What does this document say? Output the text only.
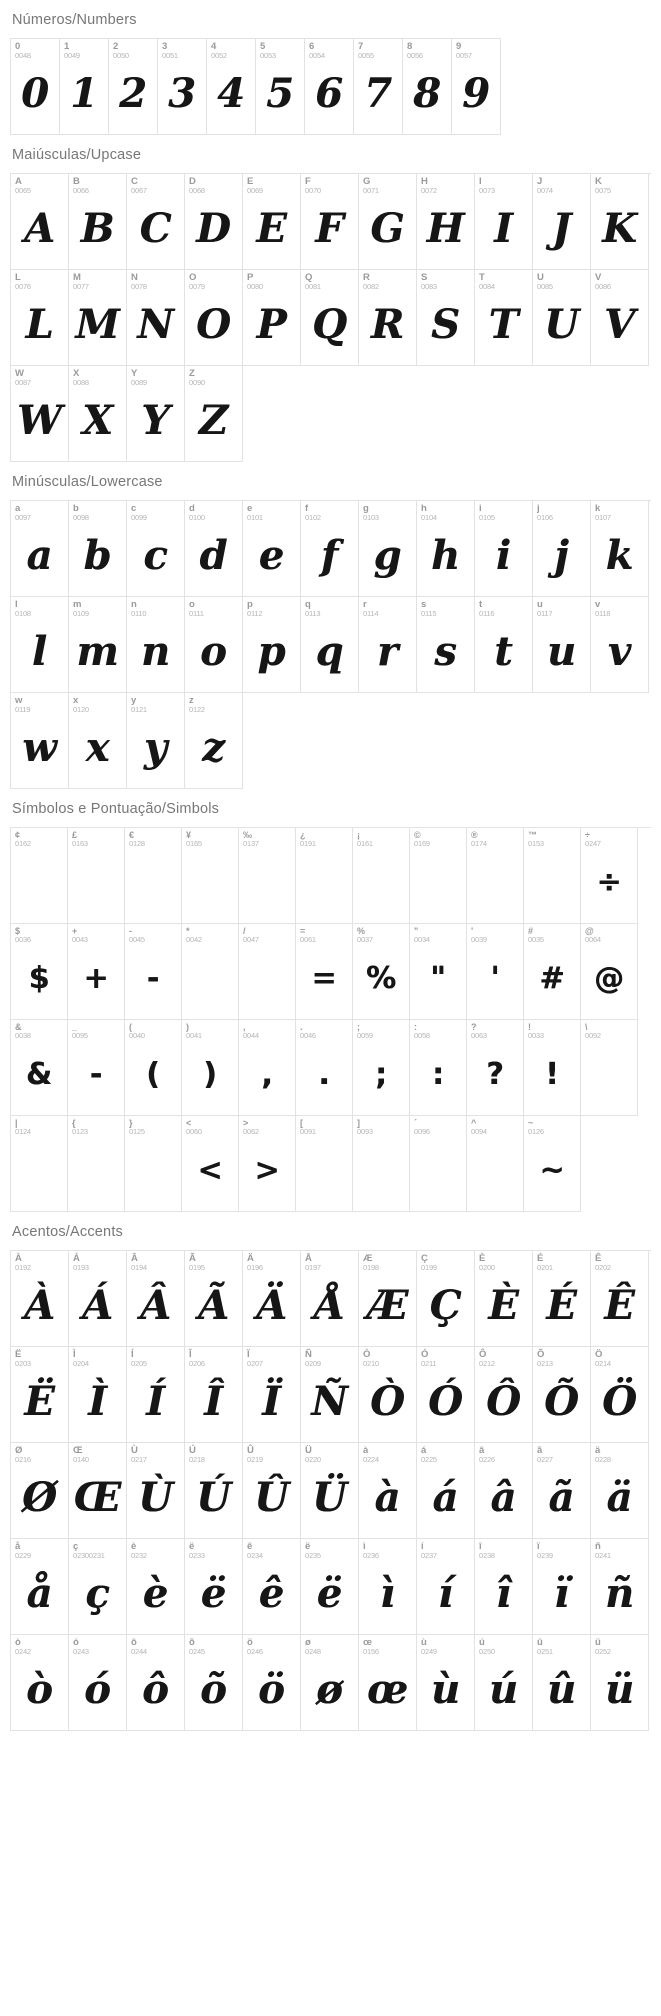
Números/Numbers
0
0048
0
1
0049
1
2
0050
2
3
0051
3
4
0052
4
5
0053
5
6
0054
6
7
0055
7
8
0056
8
9
0057
9
Maiúsculas/Upcase
A
0065
A
B
0066
B
C
0067
C
D
0068
D
E
0069
E
F
0070
F
G
0071
G
H
0072
H
I
0073
I
J
0074
J
K
0075
K
L
0076
L
M
0077
M
N
0078
N
O
0079
O
P
0080
P
Q
0081
Q
R
0082
R
S
0083
S
T
0084
T
U
0085
U
V
0086
V
W
0087
W
X
0088
X
Y
0089
Y
Z
0090
Z
Minúsculas/Lowercase
a
0097
a
b
0098
b
c
0099
c
d
0100
d
e
0101
e
f
0102
f
g
0103
g
h
0104
h
i
0105
i
j
0106
j
k
0107
k
l
0108
l
m
0109
m
n
0110
n
o
0111
o
p
0112
p
q
0113
q
r
0114
r
s
0115
s
t
0116
t
u
0117
u
v
0118
v
w
0119
w
x
0120
x
y
0121
y
z
0122
z
Símbolos e Pontuação/Simbols
¢
0162
£
0163
€
0128
¥
0165
‰
0137
¿
0191
¡
0161
©
0169
®
0174
™
0153
÷
0247
÷
$
0036
$
+
0043
+
-
0045
-
*
0042
/
0047
=
0061
=
%
0037
%
"
0034
"
'
0039
'
#
0035
#
@
0064
@
&
0038
&
_
0095
-
(
0040
(
)
0041
)
,
0044
,
.
0046
.
;
0059
;
:
0058
:
?
0063
?
!
0033
!
\
0092
|
0124
{
0123
}
0125
<
0060
<
>
0062
>
[
0091
]
0093
´
0096
^
0094
~
0126
~
Acentos/Accents
À
0192
À
Á
0193
Á
Â
0194
Â
Ã
0195
Ã
Ä
0196
Ä
Å
0197
Å
Æ
0198
Æ
Ç
0199
Ç
È
0200
È
É
0201
É
Ê
0202
Ê
Ë
0203
Ë
Ì
0204
Ì
Í
0205
Í
Î
0206
Î
Ï
0207
Ï
Ñ
0209
Ñ
Ò
0210
Ò
Ó
0211
Ó
Ô
0212
Ô
Õ
0213
Õ
Ö
0214
Ö
Ø
0216
Ø
Œ
0140
Œ
Ù
0217
Ù
Ú
0218
Ú
Û
0219
Û
Ü
0220
Ü
à
0224
à
á
0225
á
â
0226
â
ã
0227
ã
ä
0228
ä
å
0229
å
ç
02300231
ç
è
0232
è
ë
0233
ë
ê
0234
ê
ë
0235
ë
ì
0236
ì
í
0237
í
î
0238
î
ï
0239
ï
ñ
0241
ñ
ò
0242
ò
ó
0243
ó
ô
0244
ô
õ
0245
õ
ö
0246
ö
ø
0248
ø
œ
0156
œ
ù
0249
ù
ú
0250
ú
û
0251
û
ü
0252
ü
